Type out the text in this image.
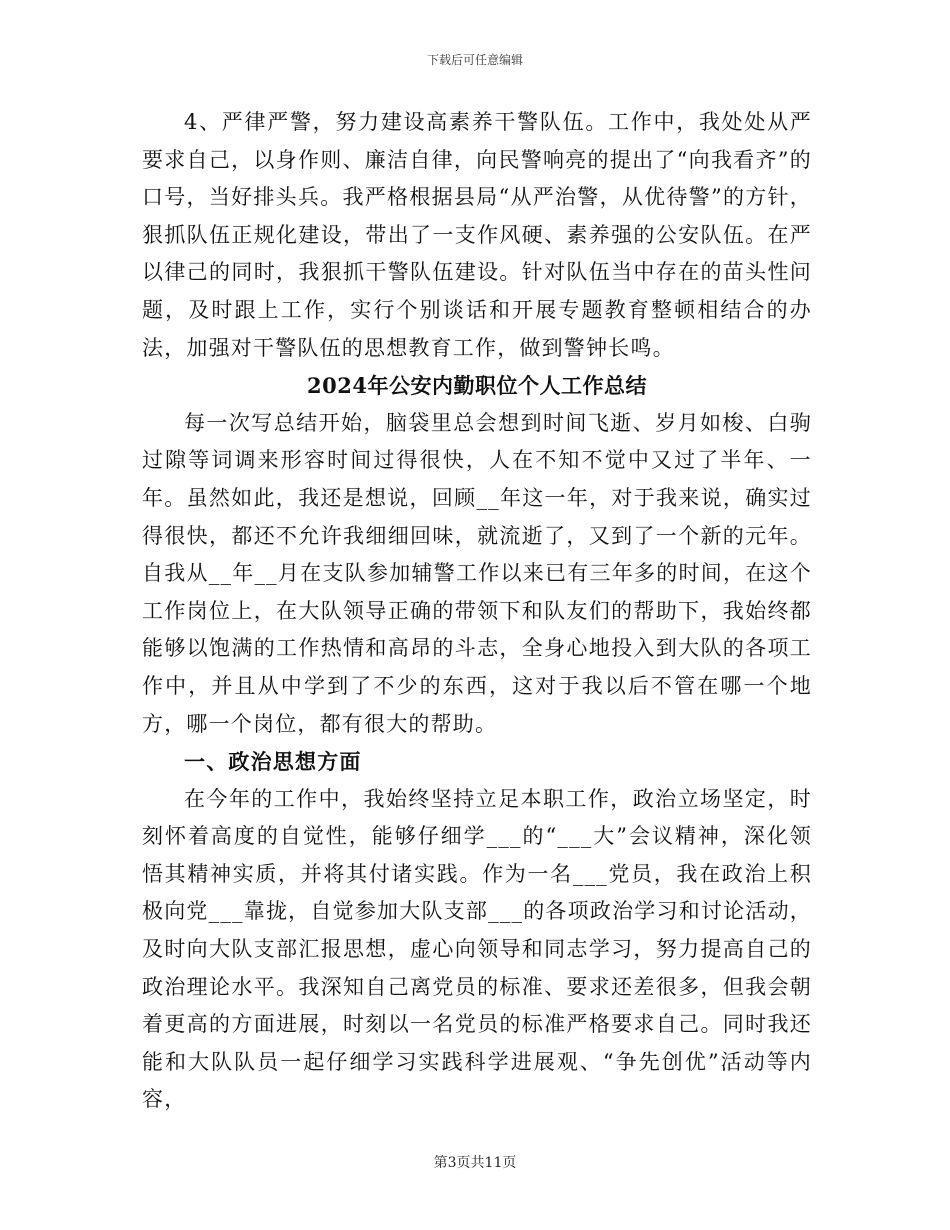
下载后可任意编辑

4、严律严警，努力建设高素养干警队伍。工作中，我处处从严要求自己，以身作则、廉洁自律，向民警响亮的提出了“向我看齐”的口号，当好排头兵。我严格根据县局“从严治警，从优待警”的方针，狠抓队伍正规化建设，带出了一支作风硬、素养强的公安队伍。在严以律己的同时，我狠抓干警队伍建设。针对队伍当中存在的苗头性问题，及时跟上工作，实行个别谈话和开展专题教育整顿相结合的办法，加强对干警队伍的思想教育工作，做到警钟长鸣。

2024年公安内勤职位个人工作总结

每一次写总结开始，脑袋里总会想到时间飞逝、岁月如梭、白驹过隙等词调来形容时间过得很快，人在不知不觉中又过了半年、一年。虽然如此，我还是想说，回顾__年这一年，对于我来说，确实过得很快，都还不允许我细细回味，就流逝了，又到了一个新的元年。自我从__年__月在支队参加辅警工作以来已有三年多的时间，在这个工作岗位上，在大队领导正确的带领下和队友们的帮助下，我始终都能够以饱满的工作热情和高昂的斗志，全身心地投入到大队的各项工作中，并且从中学到了不少的东西，这对于我以后不管在哪一个地方，哪一个岗位，都有很大的帮助。

一、政治思想方面

在今年的工作中，我始终坚持立足本职工作，政治立场坚定，时刻怀着高度的自觉性，能够仔细学___的“___大”会议精神，深化领悟其精神实质，并将其付诸实践。作为一名___党员，我在政治上积极向党___靠拢，自觉参加大队支部___的各项政治学习和讨论活动，及时向大队支部汇报思想，虚心向领导和同志学习，努力提高自己的政治理论水平。我深知自己离党员的标准、要求还差很多，但我会朝着更高的方面进展，时刻以一名党员的标准严格要求自己。同时我还能和大队队员一起仔细学习实践科学进展观、“争先创优”活动等内容，

第3页共11页
